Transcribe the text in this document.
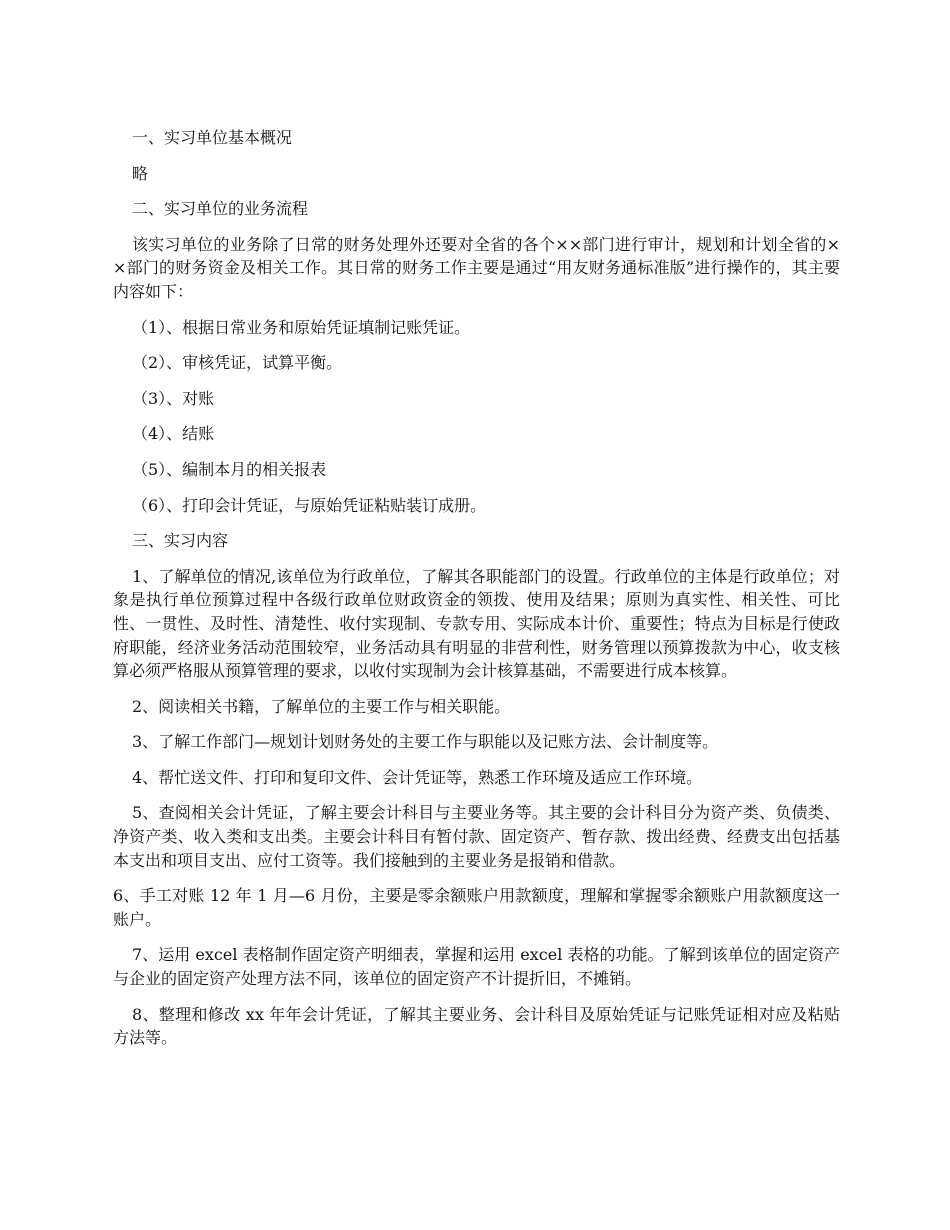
一、实习单位基本概况

略

二、实习单位的业务流程

该实习单位的业务除了日常的财务处理外还要对全省的各个××部门进行审计，规划和计划全省的××部门的财务资金及相关工作。其日常的财务工作主要是通过“用友财务通标准版”进行操作的，其主要内容如下：

（1）、根据日常业务和原始凭证填制记账凭证。

（2）、审核凭证，试算平衡。

（3）、对账

（4）、结账

（5）、编制本月的相关报表

（6）、打印会计凭证，与原始凭证粘贴装订成册。

三、实习内容

1、了解单位的情况,该单位为行政单位，了解其各职能部门的设置。行政单位的主体是行政单位；对象是执行单位预算过程中各级行政单位财政资金的领拨、使用及结果；原则为真实性、相关性、可比性、一贯性、及时性、清楚性、收付实现制、专款专用、实际成本计价、重要性；特点为目标是行使政府职能，经济业务活动范围较窄，业务活动具有明显的非营利性，财务管理以预算拨款为中心，收支核算必须严格服从预算管理的要求，以收付实现制为会计核算基础，不需要进行成本核算。

2、阅读相关书籍，了解单位的主要工作与相关职能。

3、了解工作部门—规划计划财务处的主要工作与职能以及记账方法、会计制度等。

4、帮忙送文件、打印和复印文件、会计凭证等，熟悉工作环境及适应工作环境。

5、查阅相关会计凭证，了解主要会计科目与主要业务等。其主要的会计科目分为资产类、负债类、净资产类、收入类和支出类。主要会计科目有暂付款、固定资产、暂存款、拨出经费、经费支出包括基本支出和项目支出、应付工资等。我们接触到的主要业务是报销和借款。

6、手工对账 12 年 1 月—6 月份，主要是零余额账户用款额度，理解和掌握零余额账户用款额度这一账户。

7、运用 excel 表格制作固定资产明细表，掌握和运用 excel 表格的功能。了解到该单位的固定资产与企业的固定资产处理方法不同，该单位的固定资产不计提折旧，不摊销。

8、整理和修改 xx 年年会计凭证，了解其主要业务、会计科目及原始凭证与记账凭证相对应及粘贴方法等。
